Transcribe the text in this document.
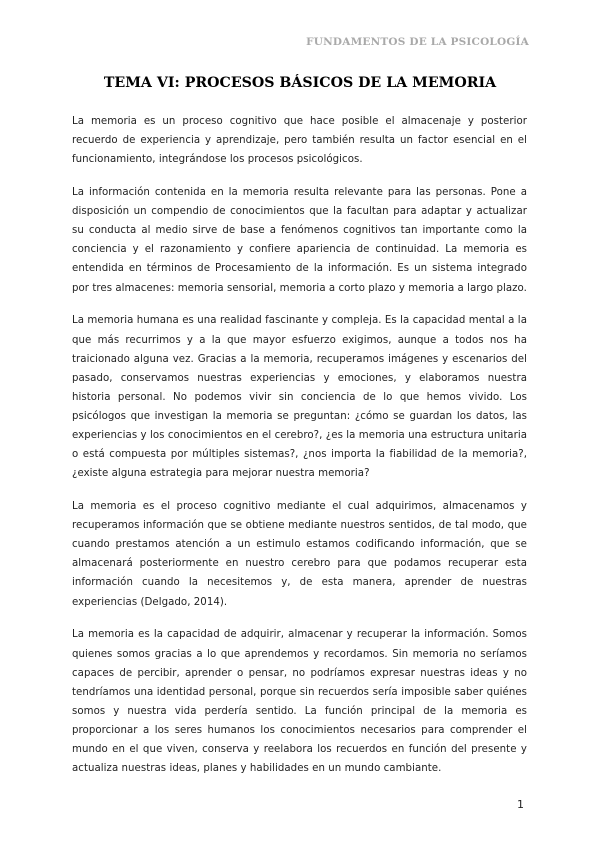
FUNDAMENTOS DE LA PSICOLOGÍA
TEMA VI: PROCESOS BÁSICOS DE LA MEMORIA

La memoria es un proceso cognitivo que hace posible el almacenaje y posterior recuerdo de experiencia y aprendizaje, pero también resulta un factor esencial en el funcionamiento, integrándose los procesos psicológicos.

La información contenida en la memoria resulta relevante para las personas. Pone a disposición un compendio de conocimientos que la facultan para adaptar y actualizar su conducta al medio sirve de base a fenómenos cognitivos tan importante como la conciencia y el razonamiento y confiere apariencia de continuidad. La memoria es entendida en términos de Procesamiento de la información. Es un sistema integrado por tres almacenes: memoria sensorial, memoria a corto plazo y memoria a largo plazo.

La memoria humana es una realidad fascinante y compleja. Es la capacidad mental a la que más recurrimos y a la que mayor esfuerzo exigimos, aunque a todos nos ha traicionado alguna vez. Gracias a la memoria, recuperamos imágenes y escenarios del pasado, conservamos nuestras experiencias y emociones, y elaboramos nuestra historia personal. No podemos vivir sin conciencia de lo que hemos vivido. Los psicólogos que investigan la memoria se preguntan: ¿cómo se guardan los datos, las experiencias y los conocimientos en el cerebro?, ¿es la memoria una estructura unitaria o está compuesta por múltiples sistemas?, ¿nos importa la fiabilidad de la memoria?, ¿existe alguna estrategia para mejorar nuestra memoria?

La memoria es el proceso cognitivo mediante el cual adquirimos, almacenamos y recuperamos información que se obtiene mediante nuestros sentidos, de tal modo, que cuando prestamos atención a un estimulo estamos codificando información, que se almacenará posteriormente en nuestro cerebro para que podamos recuperar esta información cuando la necesitemos y, de esta manera, aprender de nuestras experiencias (Delgado, 2014).

La memoria es la capacidad de adquirir, almacenar y recuperar la información. Somos quienes somos gracias a lo que aprendemos y recordamos. Sin memoria no seríamos capaces de percibir, aprender o pensar, no podríamos expresar nuestras ideas y no tendríamos una identidad personal, porque sin recuerdos sería imposible saber quiénes somos y nuestra vida perdería sentido. La función principal de la memoria es proporcionar a los seres humanos los conocimientos necesarios para comprender el mundo en el que viven, conserva y reelabora los recuerdos en función del presente y actualiza nuestras ideas, planes y habilidades en un mundo cambiante.

1
